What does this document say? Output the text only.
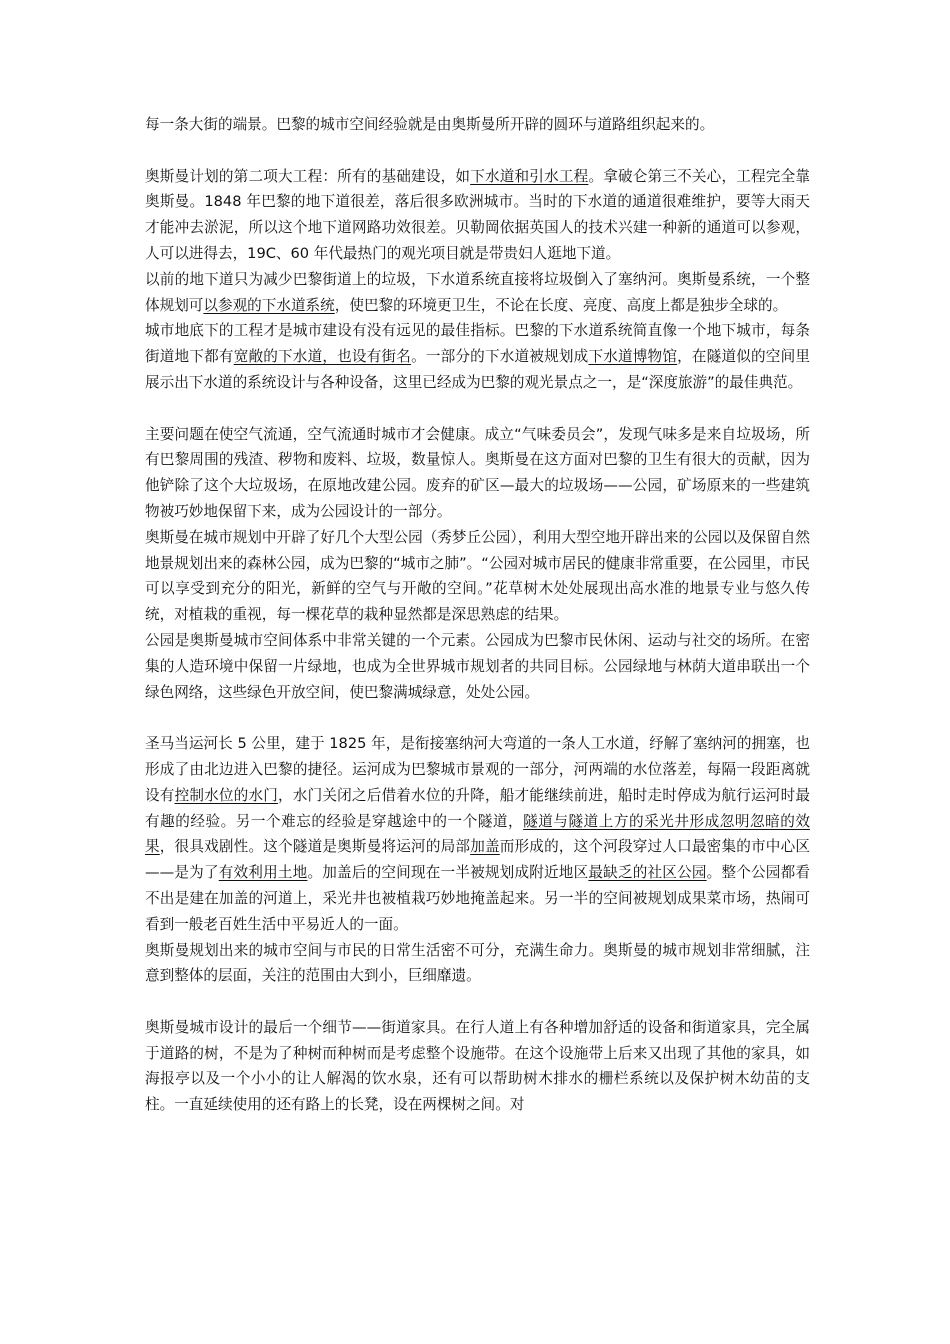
每一条大街的端景。巴黎的城市空间经验就是由奥斯曼所开辟的圆环与道路组织起来的。

奥斯曼计划的第二项大工程：所有的基础建设，如下水道和引水工程。拿破仑第三不关心，工程完全靠奥斯曼。1848 年巴黎的地下道很差，落后很多欧洲城市。当时的下水道的通道很难维护，要等大雨天才能冲去淤泥，所以这个地下道网路功效很差。贝勒岡依据英国人的技术兴建一种新的通道可以参观，人可以进得去，19C、60 年代最热门的观光项目就是带贵妇人逛地下道。

以前的地下道只为减少巴黎街道上的垃圾，下水道系统直接将垃圾倒入了塞纳河。奥斯曼系统，一个整体规划可以参观的下水道系统，使巴黎的环境更卫生，不论在长度、亮度、高度上都是独步全球的。

城市地底下的工程才是城市建设有没有远见的最佳指标。巴黎的下水道系统简直像一个地下城市，每条街道地下都有宽敞的下水道，也设有街名。一部分的下水道被规划成下水道博物馆，在隧道似的空间里展示出下水道的系统设计与各种设备，这里已经成为巴黎的观光景点之一，是“深度旅游”的最佳典范。

主要问题在使空气流通，空气流通时城市才会健康。成立“气味委员会”，发现气味多是来自垃圾场，所有巴黎周围的残渣、秽物和废料、垃圾，数量惊人。奥斯曼在这方面对巴黎的卫生有很大的贡献，因为他铲除了这个大垃圾场，在原地改建公园。废弃的矿区—最大的垃圾场——公园，矿场原来的一些建筑物被巧妙地保留下来，成为公园设计的一部分。

奥斯曼在城市规划中开辟了好几个大型公园（秀梦丘公园），利用大型空地开辟出来的公园以及保留自然地景规划出来的森林公园，成为巴黎的“城市之肺”。“公园对城市居民的健康非常重要，在公园里，市民可以享受到充分的阳光，新鲜的空气与开敞的空间。”花草树木处处展现出高水准的地景专业与悠久传统，对植栽的重视，每一棵花草的栽种显然都是深思熟虑的结果。

公园是奥斯曼城市空间体系中非常关键的一个元素。公园成为巴黎市民休闲、运动与社交的场所。在密集的人造环境中保留一片绿地，也成为全世界城市规划者的共同目标。公园绿地与林荫大道串联出一个绿色网络，这些绿色开放空间，使巴黎满城绿意，处处公园。

圣马当运河长 5 公里，建于 1825 年，是衔接塞纳河大弯道的一条人工水道，纾解了塞纳河的拥塞，也形成了由北边进入巴黎的捷径。运河成为巴黎城市景观的一部分，河两端的水位落差，每隔一段距离就设有控制水位的水门，水门关闭之后借着水位的升降，船才能继续前进，船时走时停成为航行运河时最有趣的经验。另一个难忘的经验是穿越途中的一个隧道，隧道与隧道上方的采光井形成忽明忽暗的效果，很具戏剧性。这个隧道是奥斯曼将运河的局部加盖而形成的，这个河段穿过人口最密集的市中心区——是为了有效利用土地。加盖后的空间现在一半被规划成附近地区最缺乏的社区公园。整个公园都看不出是建在加盖的河道上，采光井也被植栽巧妙地掩盖起来。另一半的空间被规划成果菜市场，热闹可看到一般老百姓生活中平易近人的一面。

奥斯曼规划出来的城市空间与市民的日常生活密不可分，充满生命力。奥斯曼的城市规划非常细腻，注意到整体的层面，关注的范围由大到小，巨细靡遗。

奥斯曼城市设计的最后一个细节——街道家具。在行人道上有各种增加舒适的设备和街道家具，完全属于道路的树，不是为了种树而种树而是考虑整个设施带。在这个设施带上后来又出现了其他的家具，如海报亭以及一个小小的让人解渴的饮水泉，还有可以帮助树木排水的栅栏系统以及保护树木幼苗的支柱。一直延续使用的还有路上的长凳，设在两棵树之间。对
